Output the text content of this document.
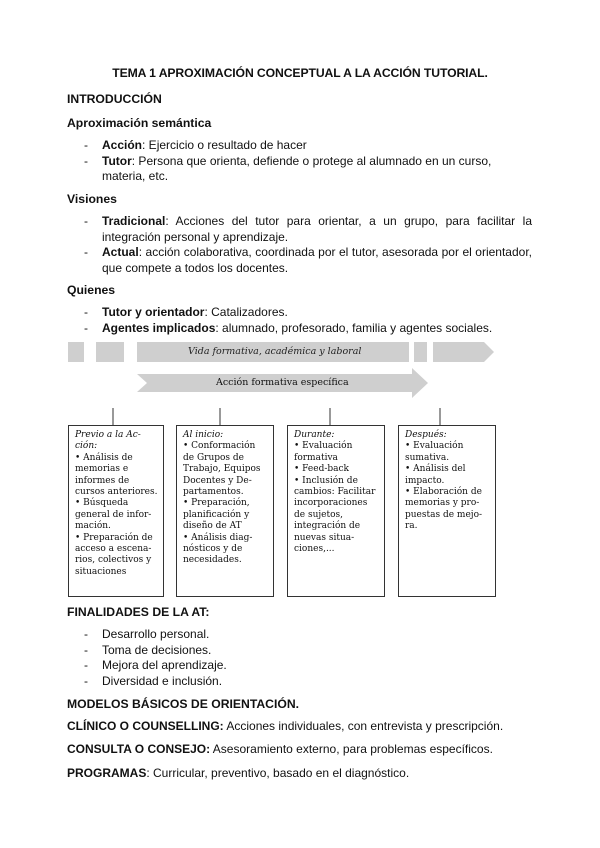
TEMA 1 APROXIMACIÓN CONCEPTUAL A LA ACCIÓN TUTORIAL.
INTRODUCCIÓN
Aproximación semántica
- Acción: Ejercicio o resultado de hacer
- Tutor: Persona que orienta, defiende o protege al alumnado en un curso, materia, etc.
Visiones
- Tradicional: Acciones del tutor para orientar, a un grupo, para facilitar la integración personal y aprendizaje.
- Actual: acción colaborativa, coordinada por el tutor, asesorada por el orientador, que compete a todos los docentes.
Quienes
- Tutor y orientador: Catalizadores.
- Agentes implicados: alumnado, profesorado, familia y agentes sociales.
Vida formativa, académica y laboral
Acción formativa específica
Previo a la Ac- ción:
• Análisis de memorias e informes de cursos anteriores.
• Búsqueda general de infor- mación.
• Preparación de acceso a escena- rios, colectivos y situaciones
Al inicio:
• Conformación de Grupos de Trabajo, Equipos Docentes y De- partamentos.
• Preparación, planificación y diseño de AT
• Análisis diag- nósticos y de necesidades.
Durante:
• Evaluación formativa
• Feed-back
• Inclusión de cambios: Facilitar incorporaciones de sujetos, integración de nuevas situa- ciones,...
Después:
• Evaluación sumativa.
• Análisis del impacto.
• Elaboración de memorias y pro- puestas de mejo- ra.
FINALIDADES DE LA AT:
- Desarrollo personal.
- Toma de decisiones.
- Mejora del aprendizaje.
- Diversidad e inclusión.
MODELOS BÁSICOS DE ORIENTACIÓN.
CLÍNICO O COUNSELLING: Acciones individuales, con entrevista y prescripción.
CONSULTA O CONSEJO: Asesoramiento externo, para problemas específicos.
PROGRAMAS: Curricular, preventivo, basado en el diagnóstico.
